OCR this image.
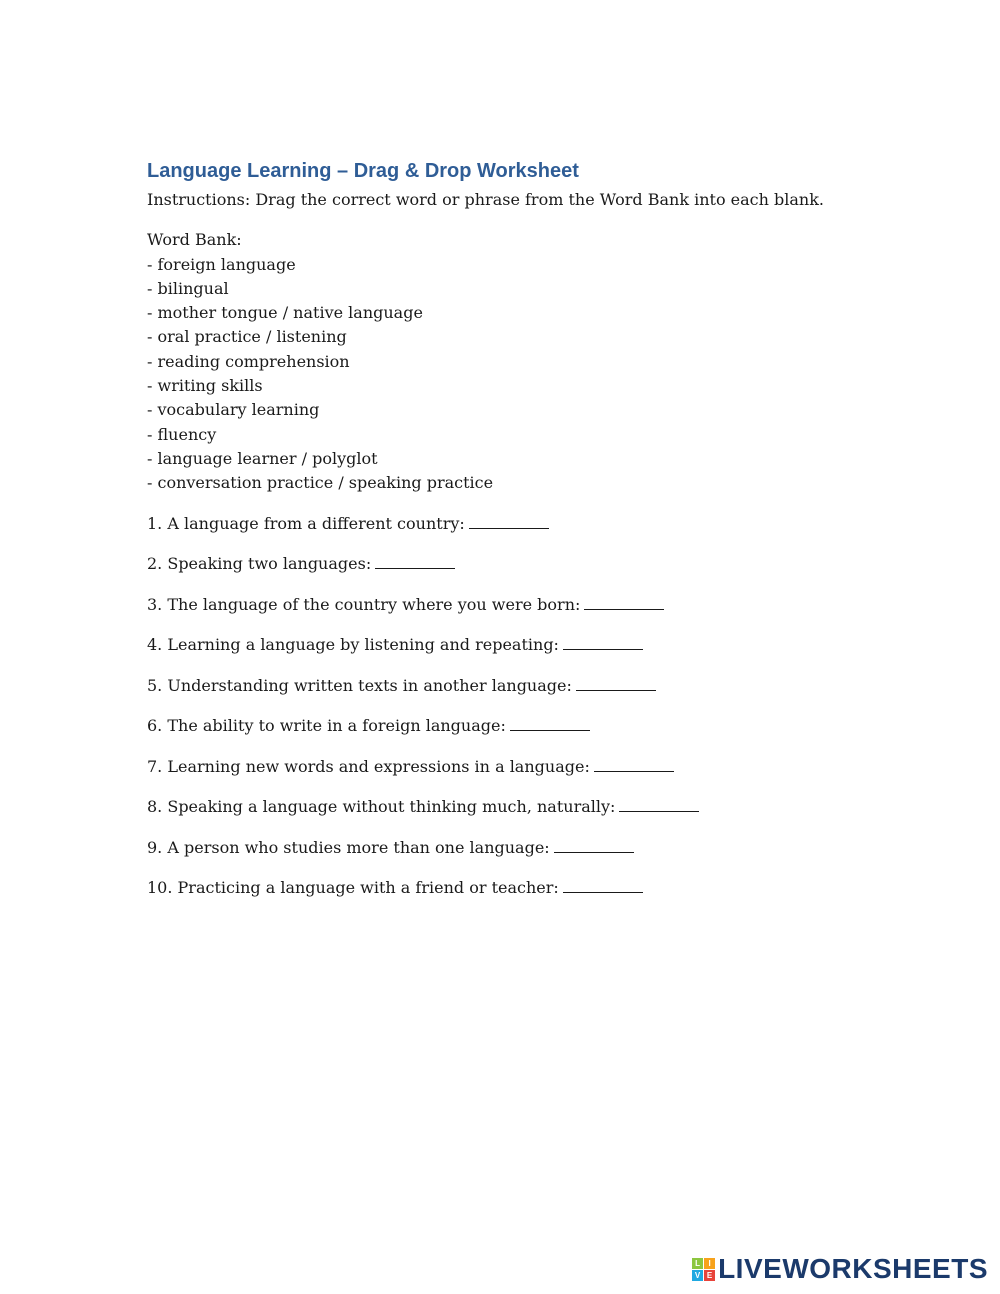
Language Learning – Drag & Drop Worksheet
Instructions: Drag the correct word or phrase from the Word Bank into each blank.
Word Bank:
- foreign language
- bilingual
- mother tongue / native language
- oral practice / listening
- reading comprehension
- writing skills
- vocabulary learning
- fluency
- language learner / polyglot
- conversation practice / speaking practice
1. A language from a different country:
2. Speaking two languages:
3. The language of the country where you were born:
4. Learning a language by listening and repeating:
5. Understanding written texts in another language:
6. The ability to write in a foreign language:
7. Learning new words and expressions in a language:
8. Speaking a language without thinking much, naturally:
9. A person who studies more than one language:
10. Practicing a language with a friend or teacher:
L	I
V E LIVEWORKSHEETS
